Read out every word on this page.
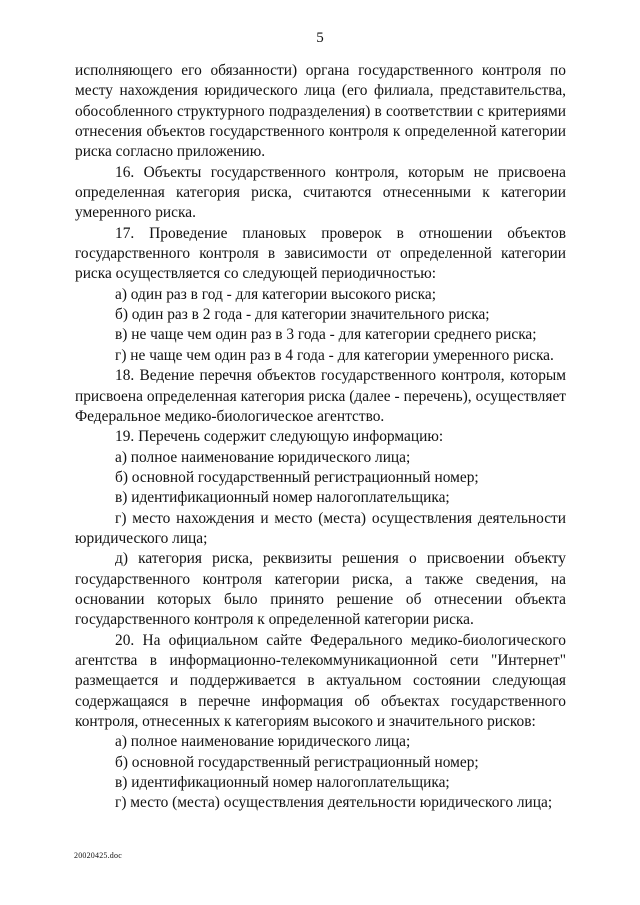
5

исполняющего его обязанности) органа государственного контроля по месту нахождения юридического лица (его филиала, представительства, обособленного структурного подразделения) в соответствии с критериями отнесения объектов государственного контроля к определенной категории риска согласно приложению.

16. Объекты государственного контроля, которым не присвоена определенная категория риска, считаются отнесенными к категории умеренного риска.

17. Проведение плановых проверок в отношении объектов государственного контроля в зависимости от определенной категории риска осуществляется со следующей периодичностью:

а) один раз в год - для категории высокого риска;

б) один раз в 2 года - для категории значительного риска;

в) не чаще чем один раз в 3 года - для категории среднего риска;

г) не чаще чем один раз в 4 года - для категории умеренного риска.

18. Ведение перечня объектов государственного контроля, которым присвоена определенная категория риска (далее - перечень), осуществляет Федеральное медико-биологическое агентство.

19. Перечень содержит следующую информацию:

а) полное наименование юридического лица;

б) основной государственный регистрационный номер;

в) идентификационный номер налогоплательщика;

г) место нахождения и место (места) осуществления деятельности юридического лица;

д) категория риска, реквизиты решения о присвоении объекту государственного контроля категории риска, а также сведения, на основании которых было принято решение об отнесении объекта государственного контроля к определенной категории риска.

20. На официальном сайте Федерального медико-биологического агентства в информационно-телекоммуникационной сети "Интернет" размещается и поддерживается в актуальном состоянии следующая содержащаяся в перечне информация об объектах государственного контроля, отнесенных к категориям высокого и значительного рисков:

а) полное наименование юридического лица;

б) основной государственный регистрационный номер;

в) идентификационный номер налогоплательщика;

г) место (места) осуществления деятельности юридического лица;

20020425.doc
